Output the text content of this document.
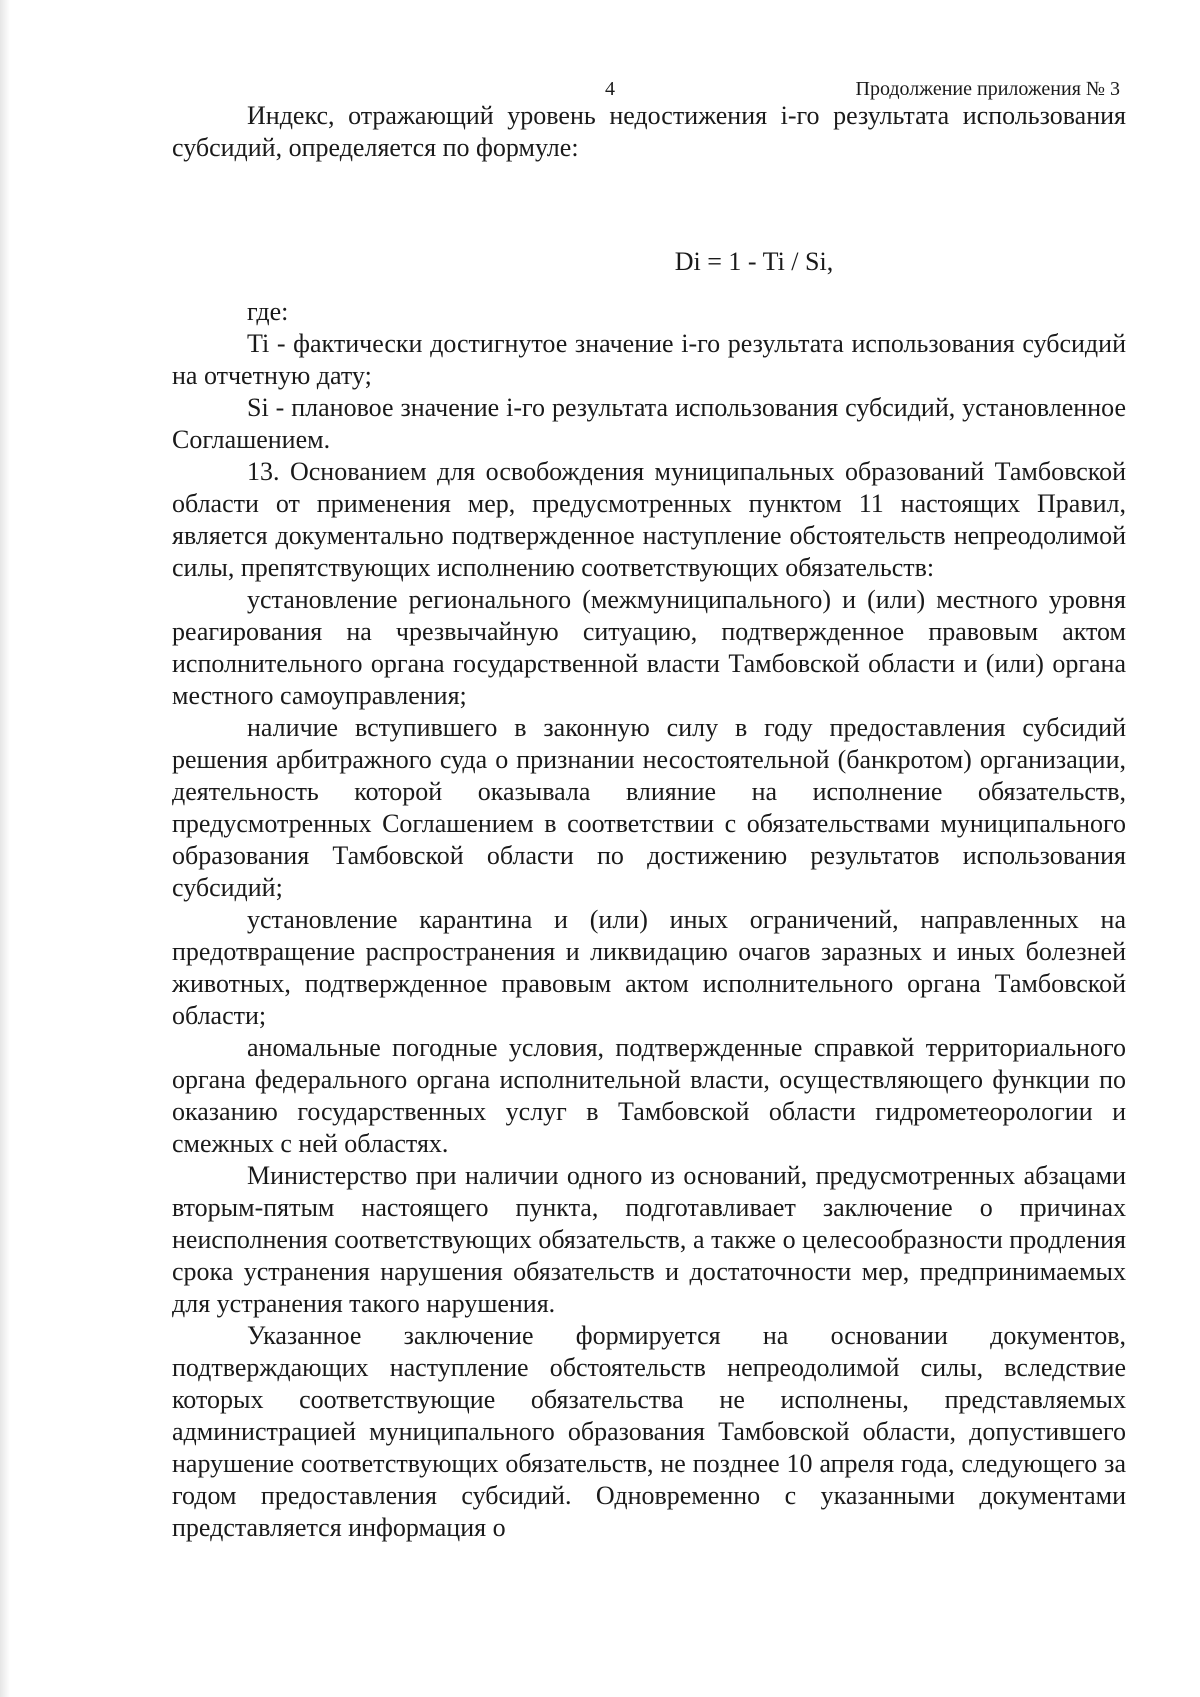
4	Продолжение приложения № 3

Индекс, отражающий уровень недостижения i-го результата использования субсидий, определяется по формуле:

Di = 1 - Ti / Si,

где:

Ti - фактически достигнутое значение i-го результата использования субсидий на отчетную дату;

Si - плановое значение i-го результата использования субсидий, установленное Соглашением.

13. Основанием для освобождения муниципальных образований Тамбовской области от применения мер, предусмотренных пунктом 11 настоящих Правил, является документально подтвержденное наступление обстоятельств непреодолимой силы, препятствующих исполнению соответствующих обязательств:

установление регионального (межмуниципального) и (или) местного уровня реагирования на чрезвычайную ситуацию, подтвержденное правовым актом исполнительного органа государственной власти Тамбовской области и (или) органа местного самоуправления;

наличие вступившего в законную силу в году предоставления субсидий решения арбитражного суда о признании несостоятельной (банкротом) организации, деятельность которой оказывала влияние на исполнение обязательств, предусмотренных Соглашением в соответствии с обязательствами муниципального образования Тамбовской области по достижению результатов использования субсидий;

установление карантина и (или) иных ограничений, направленных на предотвращение распространения и ликвидацию очагов заразных и иных болезней животных, подтвержденное правовым актом исполнительного органа Тамбовской области;

аномальные погодные условия, подтвержденные справкой территориального органа федерального органа исполнительной власти, осуществляющего функции по оказанию государственных услуг в Тамбовской области гидрометеорологии и смежных с ней областях.

Министерство при наличии одного из оснований, предусмотренных абзацами вторым-пятым настоящего пункта, подготавливает заключение о причинах неисполнения соответствующих обязательств, а также о целесообразности продления срока устранения нарушения обязательств и достаточности мер, предпринимаемых для устранения такого нарушения.

Указанное заключение формируется на основании документов, подтверждающих наступление обстоятельств непреодолимой силы, вследствие которых соответствующие обязательства не исполнены, представляемых администрацией муниципального образования Тамбовской области, допустившего нарушение соответствующих обязательств, не позднее 10 апреля года, следующего за годом предоставления субсидий. Одновременно с указанными документами представляется информация о
